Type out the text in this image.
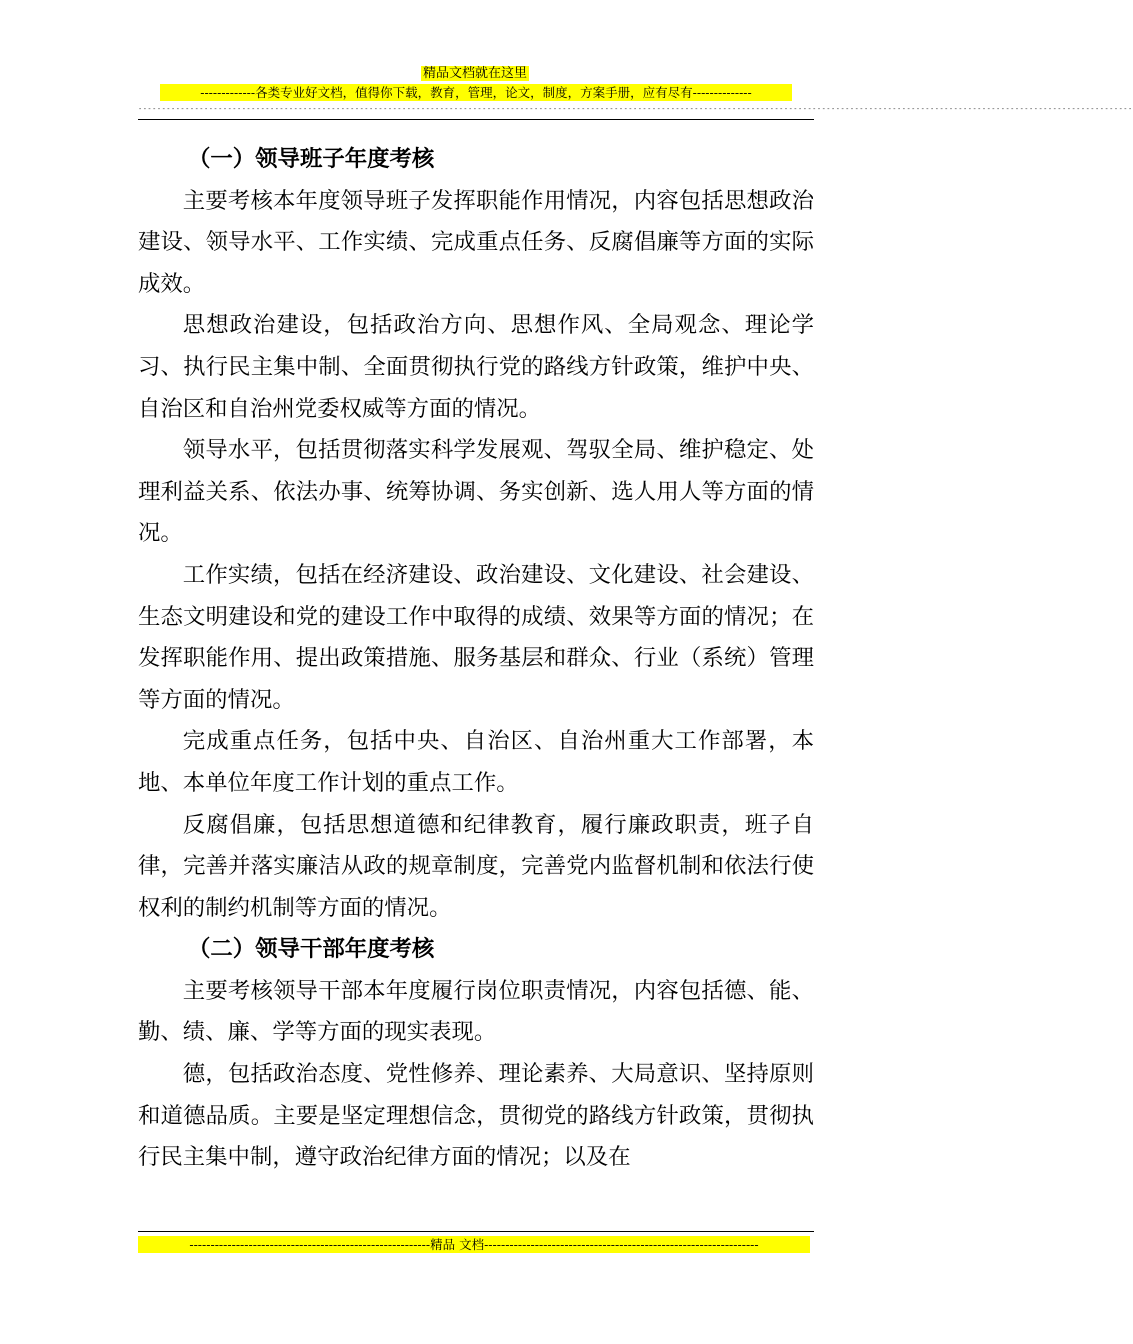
精品文档就在这里
-------------各类专业好文档，值得你下载，教育，管理，论文，制度，方案手册，应有尽有--------------
-------------------------------------------------------------------------------------------------------------------------------------------------------------------------------------------------------------------
（一）领导班子年度考核

主要考核本年度领导班子发挥职能作用情况，内容包括思想政治建设、领导水平、工作实绩、完成重点任务、反腐倡廉等方面的实际成效。

思想政治建设，包括政治方向、思想作风、全局观念、理论学习、执行民主集中制、全面贯彻执行党的路线方针政策，维护中央、自治区和自治州党委权威等方面的情况。

领导水平，包括贯彻落实科学发展观、驾驭全局、维护稳定、处理利益关系、依法办事、统筹协调、务实创新、选人用人等方面的情况。

工作实绩，包括在经济建设、政治建设、文化建设、社会建设、生态文明建设和党的建设工作中取得的成绩、效果等方面的情况；在发挥职能作用、提出政策措施、服务基层和群众、行业（系统）管理等方面的情况。

完成重点任务，包括中央、自治区、自治州重大工作部署，本地、本单位年度工作计划的重点工作。

反腐倡廉，包括思想道德和纪律教育，履行廉政职责，班子自律，完善并落实廉洁从政的规章制度，完善党内监督机制和依法行使权利的制约机制等方面的情况。

（二）领导干部年度考核

主要考核领导干部本年度履行岗位职责情况，内容包括德、能、勤、绩、廉、学等方面的现实表现。

德，包括政治态度、党性修养、理论素养、大局意识、坚持原则和道德品质。主要是坚定理想信念，贯彻党的路线方针政策，贯彻执行民主集中制，遵守政治纪律方面的情况；以及在

---------------------------------------------------------精品 文档-----------------------------------------------------------------
